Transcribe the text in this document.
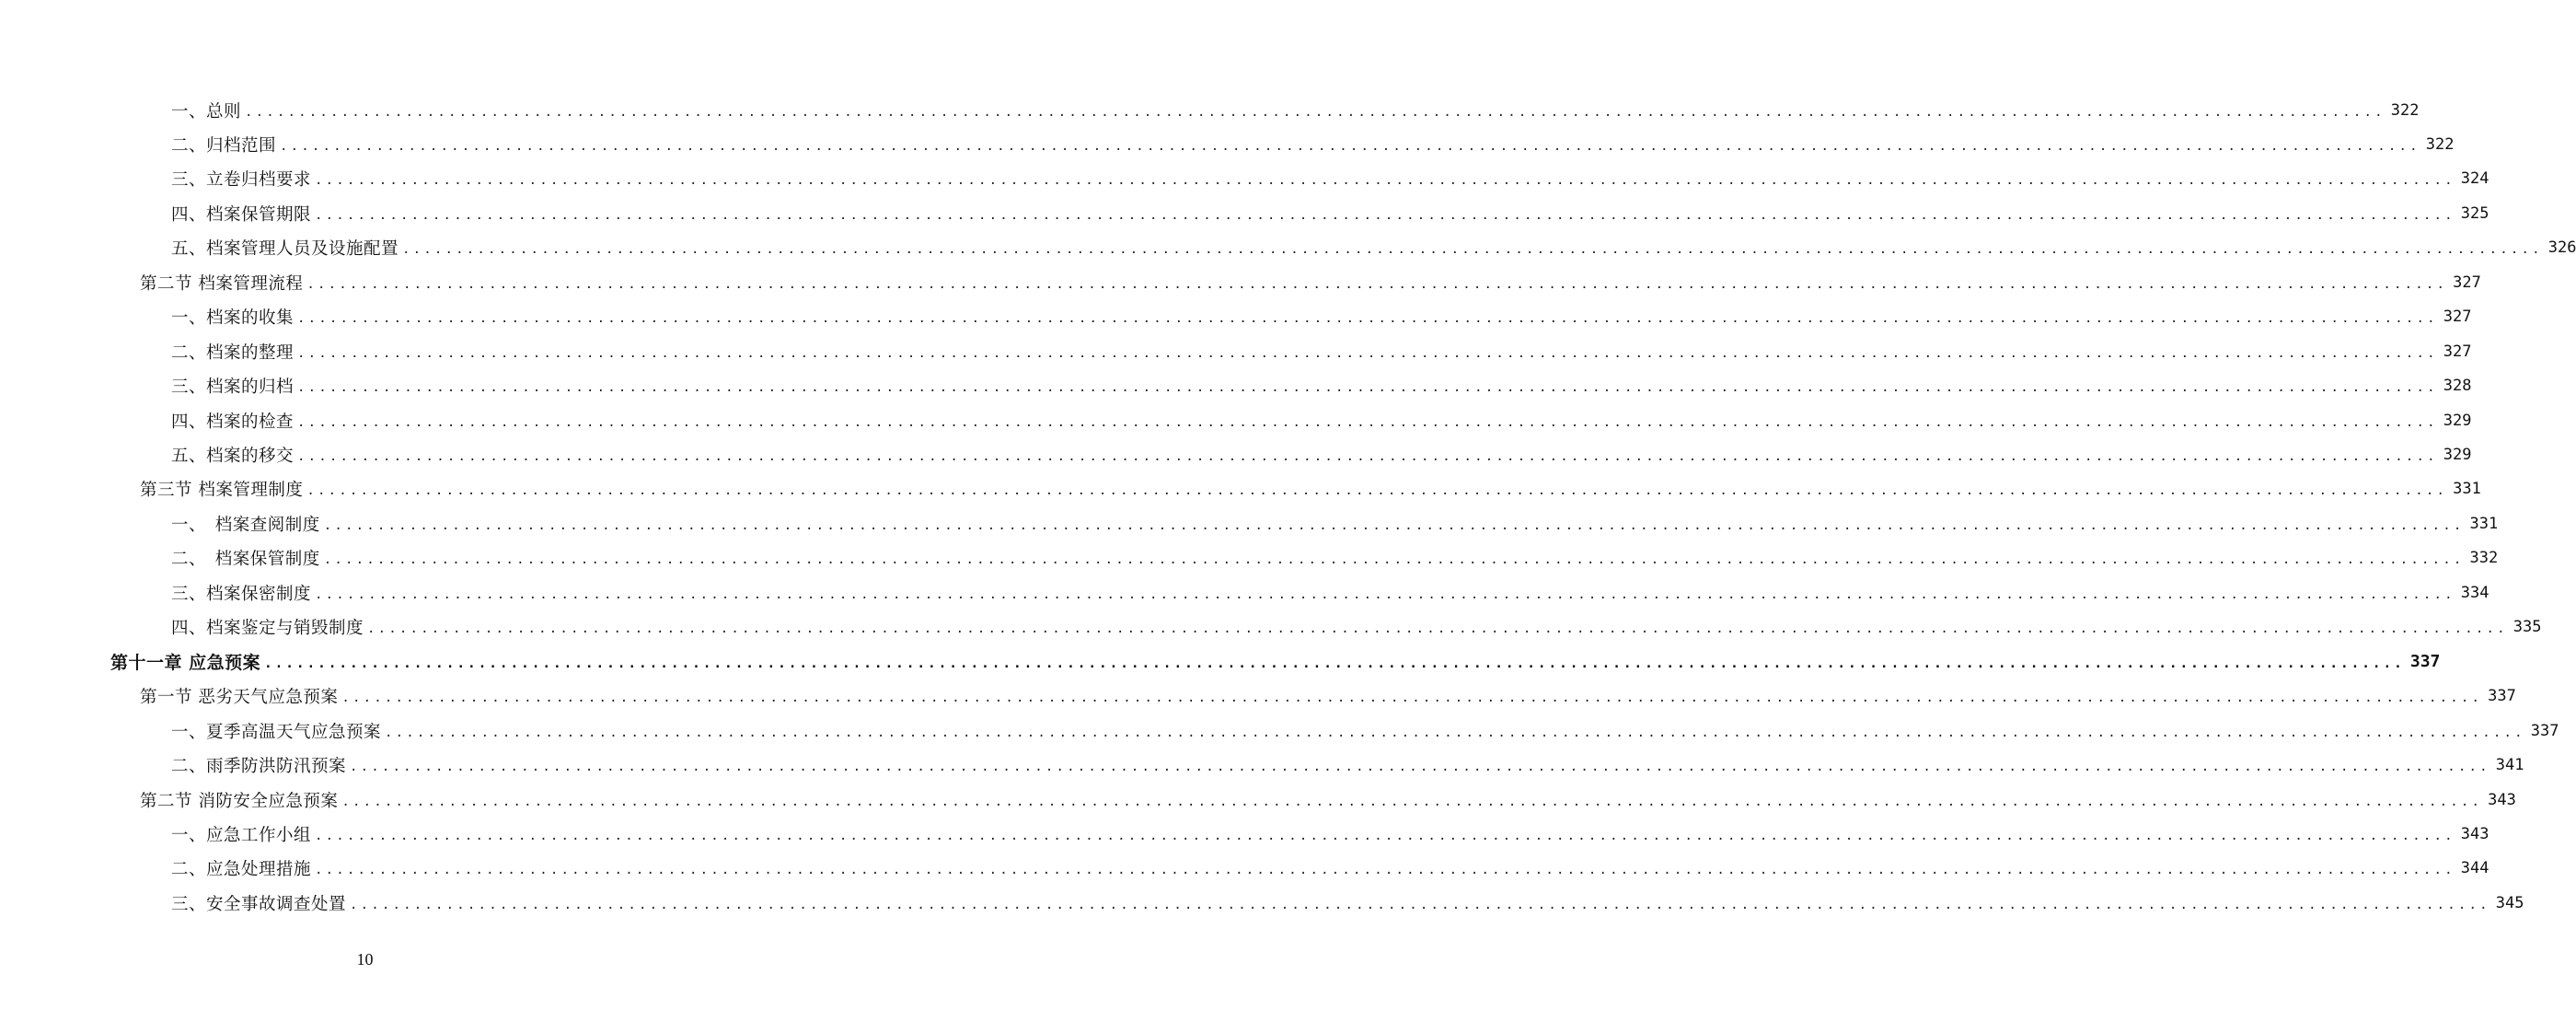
一、总则 ........................................................................................................................................................................................................ 322
二、归档范围 ........................................................................................................................................................................................................ 322
三、立卷归档要求 ........................................................................................................................................................................................................ 324
四、档案保管期限 ........................................................................................................................................................................................................ 325
五、档案管理人员及设施配置 ........................................................................................................................................................................................................ 326
第二节 档案管理流程 ........................................................................................................................................................................................................ 327
一、档案的收集 ........................................................................................................................................................................................................ 327
二、档案的整理 ........................................................................................................................................................................................................ 327
三、档案的归档 ........................................................................................................................................................................................................ 328
四、档案的检查 ........................................................................................................................................................................................................ 329
五、档案的移交 ........................................................................................................................................................................................................ 329
第三节 档案管理制度 ........................................................................................................................................................................................................ 331
一、　档案查阅制度 ........................................................................................................................................................................................................ 331
二、　档案保管制度 ........................................................................................................................................................................................................ 332
三、档案保密制度 ........................................................................................................................................................................................................ 334
四、档案鉴定与销毁制度 ........................................................................................................................................................................................................ 335
第十一章 应急预案 ........................................................................................................................................................................................................ 337
第一节 恶劣天气应急预案 ........................................................................................................................................................................................................ 337
一、夏季高温天气应急预案 ........................................................................................................................................................................................................ 337
二、雨季防洪防汛预案 ........................................................................................................................................................................................................ 341
第二节 消防安全应急预案 ........................................................................................................................................................................................................ 343
一、应急工作小组 ........................................................................................................................................................................................................ 343
二、应急处理措施 ........................................................................................................................................................................................................ 344
三、安全事故调查处置 ........................................................................................................................................................................................................ 345
10
